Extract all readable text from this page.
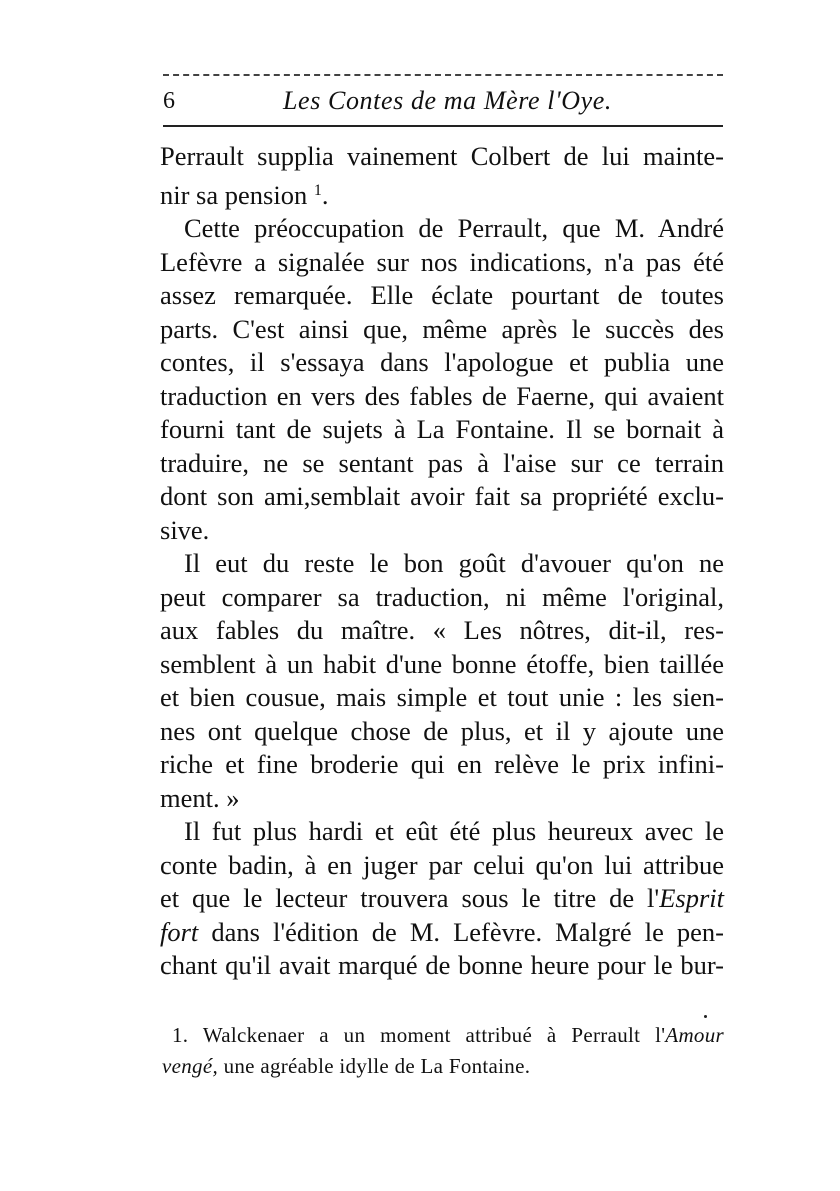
6	Les Contes de ma Mère l'Oye.

Perrault supplia vainement Colbert de lui mainte-
nir sa pension $^1$.

Cette préoccupation de Perrault, que M. André
Lefèvre a signalée sur nos indications, n'a pas été
assez remarquée. Elle éclate pourtant de toutes
parts. C'est ainsi que, même après le succès des
contes, il s'essaya dans l'apologue et publia une
traduction en vers des fables de Faerne, qui avaient
fourni tant de sujets à La Fontaine. Il se bornait à
traduire, ne se sentant pas à l'aise sur ce terrain
dont son ami,semblait avoir fait sa propriété exclu-
sive.

Il eut du reste le bon goût d'avouer qu'on ne
peut comparer sa traduction, ni même l'original,
aux fables du maître. « Les nôtres, dit-il, res-
semblent à un habit d'une bonne étoffe, bien taillée
et bien cousue, mais simple et tout unie : les sien-
nes ont quelque chose de plus, et il y ajoute une
riche et fine broderie qui en relève le prix infini-
ment. »

Il fut plus hardi et eût été plus heureux avec le
conte badin, à en juger par celui qu'on lui attribue
et que le lecteur trouvera sous le titre de l'Esprit
fort dans l'édition de M. Lefèvre. Malgré le pen-
chant qu'il avait marqué de bonne heure pour le bur-

1. Walckenaer a un moment attribué à Perrault l'Amour
vengé, une agréable idylle de La Fontaine.
